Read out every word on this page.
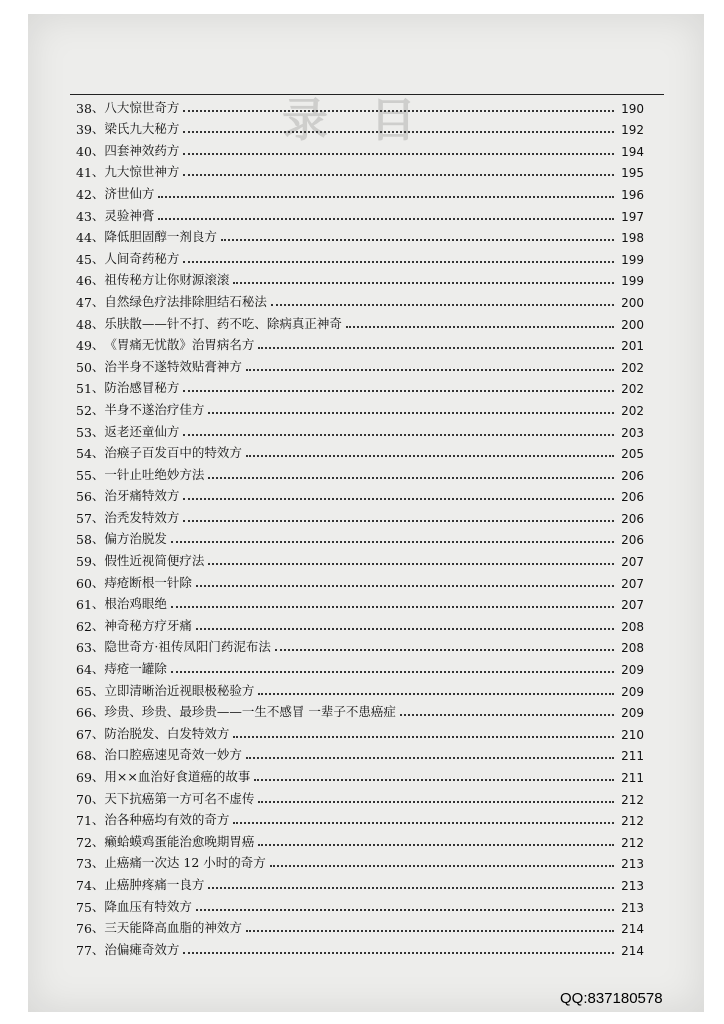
录 目
38 、 八大惊世奇方	190
39 、 梁氏九大秘方	192
40 、 四套神效药方	194
41 、 九大惊世神方	195
42 、 济世仙方	196
43 、 灵验神膏	197
44 、 降低胆固醇一剂良方	198
45 、 人间奇药秘方	199
46 、 祖传秘方让你财源滚滚	199
47 、 自然绿色疗法排除胆结石秘法	200
48 、 乐肤散——针不打、药不吃、除病真正神奇	200
49 、 《胃痛无忧散》治胃病名方	201
50 、 治半身不遂特效贴膏神方	202
51 、 防治感冒秘方	202
52 、 半身不遂治疗佳方	202
53 、 返老还童仙方	203
54 、 治瘊子百发百中的特效方	205
55 、 一针止吐绝妙方法	206
56 、 治牙痛特效方	206
57 、 治秃发特效方	206
58 、 偏方治脱发	206
59 、 假性近视简便疗法	207
60 、 痔疮断根一针除	207
61 、 根治鸡眼绝	207
62 、 神奇秘方疗牙痛	208
63 、 隐世奇方·祖传凤阳门药泥布法	208
64 、 痔疮一罐除	209
65 、 立即清晰治近视眼极秘验方	209
66 、 珍贵、珍贵、最珍贵——一生不感冒 一辈子不患癌症	209
67 、 防治脱发、白发特效方	210
68 、 治口腔癌速见奇效一妙方	211
69 、 用××血治好食道癌的故事	211
70 、 天下抗癌第一方可名不虚传	212
71 、 治各种癌均有效的奇方	212
72 、 癞蛤蟆鸡蛋能治愈晚期胃癌	212
73 、 止癌痛一次达 12 小时的奇方	213
74 、 止癌肿疼痛一良方	213
75 、 降血压有特效方	213
76 、 三天能降高血脂的神效方	214
77 、 治偏瘫奇效方	214
QQ:837180578
